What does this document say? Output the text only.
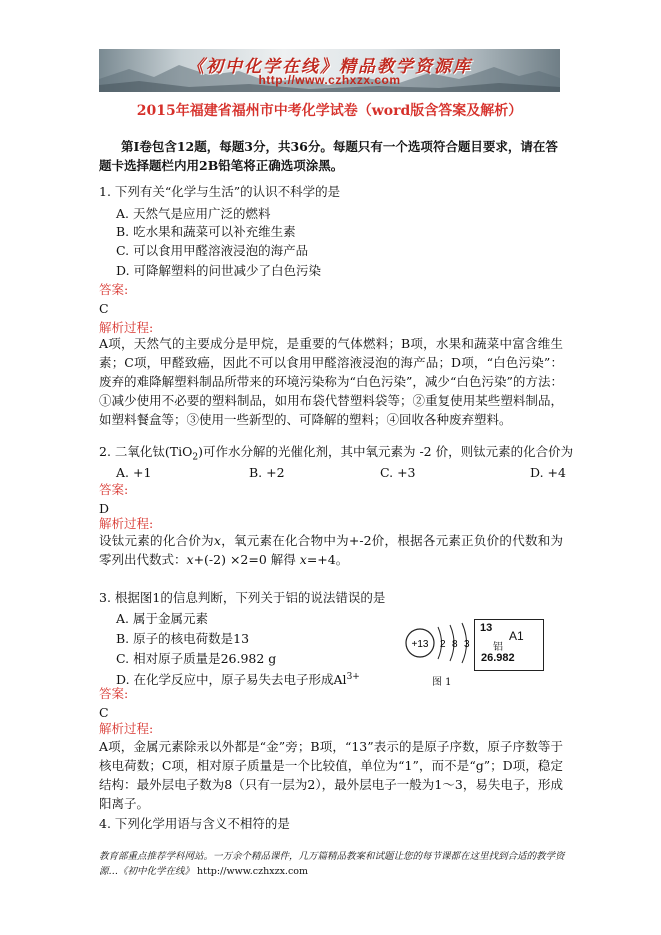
《初中化学在线》精品教学资源库
http://www.czhxzx.com
2015年福建省福州市中考化学试卷（word版含答案及解析）
第Ⅰ卷包含12题，每题3分，共36分。每题只有一个选项符合题目要求，请在答题卡选择题栏内用2B铅笔将正确选项涂黑。
1. 下列有关“化学与生活”的认识不科学的是
A. 天然气是应用广泛的燃料
B. 吃水果和蔬菜可以补充维生素
C. 可以食用甲醛溶液浸泡的海产品
D. 可降解塑料的问世减少了白色污染
答案:
C
解析过程:
A项，天然气的主要成分是甲烷，是重要的气体燃料；B项，水果和蔬菜中富含维生素；C项，甲醛致癌，因此不可以食用甲醛溶液浸泡的海产品；D项，“白色污染”：废弃的难降解塑料制品所带来的环境污染称为“白色污染”，减少“白色污染”的方法：①减少使用不必要的塑料制品，如用布袋代替塑料袋等；②重复使用某些塑料制品，如塑料餐盒等；③使用一些新型的、可降解的塑料；④回收各种废弃塑料。
2. 二氧化钛(TiO$_2$)可作水分解的光催化剂，其中氧元素为 -2 价，则钛元素的化合价为
A. +1	B. +2	C. +3	D. +4
答案:
D
解析过程:
设钛元素的化合价为x，氧元素在化合物中为+-2价，根据各元素正负价的代数和为零列出代数式：x+(-2) ×2=0 解得 x=+4。
3. 根据图1的信息判断，下列关于铝的说法错误的是
A. 属于金属元素
B. 原子的核电荷数是13
C. 相对原子质量是26.982 g
D. 在化学反应中，原子易失去电子形成$Al^{3+}$
+13 2 8 3
13
A1
铝
26.982
图 1
答案:
C
解析过程:
A项，金属元素除汞以外都是“金”旁；B项，“13”表示的是原子序数，原子序数等于核电荷数；C项，相对原子质量是一个比较值，单位为“1”，而不是“g”；D项，稳定结构：最外层电子数为8（只有一层为2），最外层电子一般为1～3，易失电子，形成阳离子。
4. 下列化学用语与含义不相符的是
教育部重点推荐学科网站。一万余个精品课件，几万篇精品教案和试题让您的每节课都在这里找到合适的教学资源…《初中化学在线》 http://www.czhxzx.com
